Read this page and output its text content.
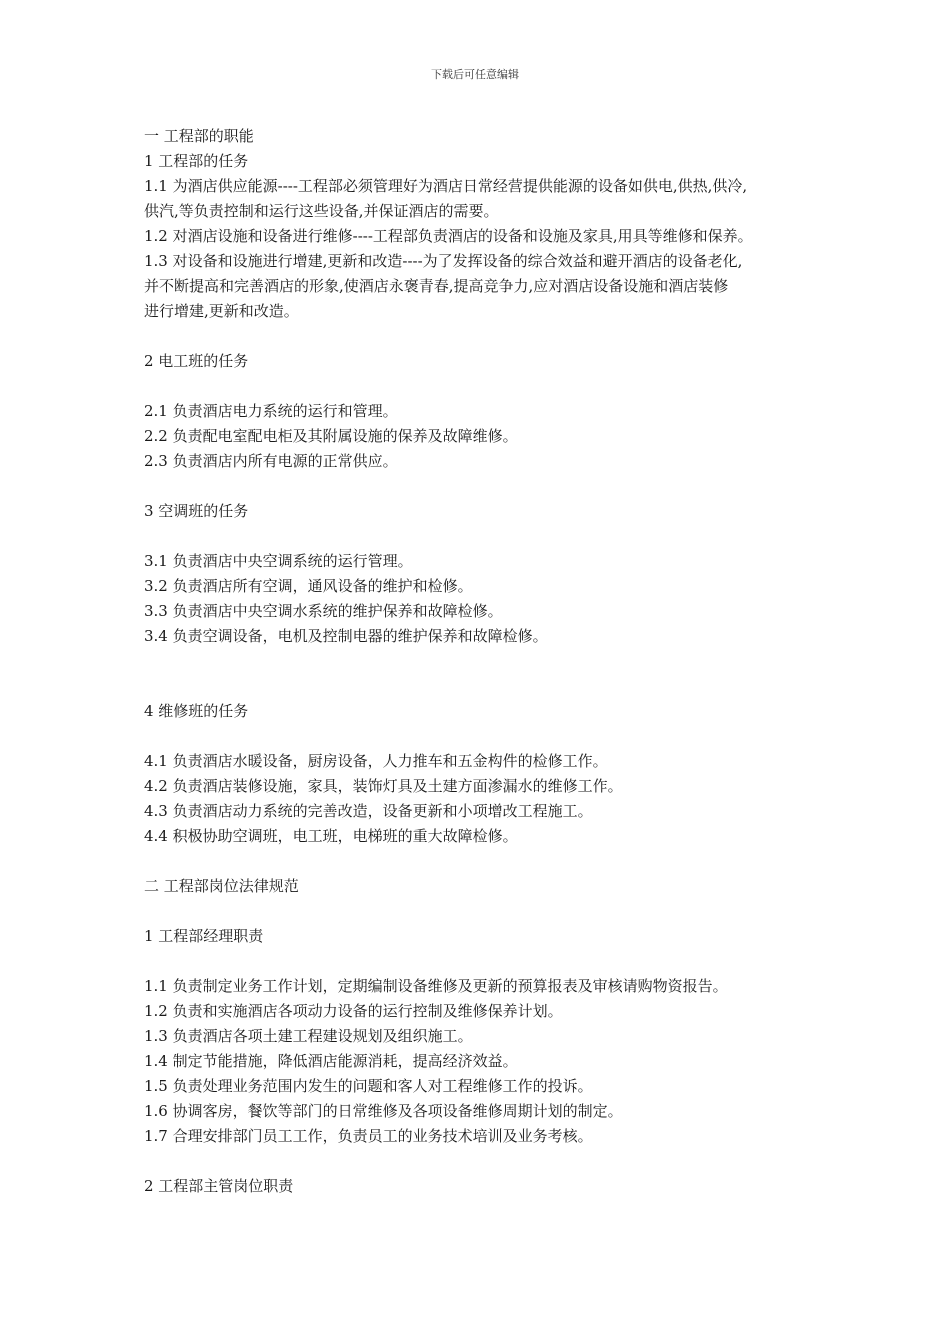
下载后可任意编辑
一 工程部的职能
1 工程部的任务
1.1 为酒店供应能源----工程部必须管理好为酒店日常经营提供能源的设备如供电,供热,供冷,
供汽,等负责控制和运行这些设备,并保证酒店的需要。
1.2 对酒店设施和设备进行维修----工程部负责酒店的设备和设施及家具,用具等维修和保养。
1.3 对设备和设施进行增建,更新和改造----为了发挥设备的综合效益和避开酒店的设备老化,
并不断提高和完善酒店的形象,使酒店永褒青春,提高竞争力,应对酒店设备设施和酒店装修
进行增建,更新和改造。
2 电工班的任务
2.1 负责酒店电力系统的运行和管理。
2.2 负责配电室配电柜及其附属设施的保养及故障维修。
2.3 负责酒店内所有电源的正常供应。
3 空调班的任务
3.1 负责酒店中央空调系统的运行管理。
3.2 负责酒店所有空调，通风设备的维护和检修。
3.3 负责酒店中央空调水系统的维护保养和故障检修。
3.4 负责空调设备，电机及控制电器的维护保养和故障检修。
4 维修班的任务
4.1 负责酒店水暖设备，厨房设备，人力推车和五金构件的检修工作。
4.2 负责酒店装修设施，家具，装饰灯具及土建方面渗漏水的维修工作。
4.3 负责酒店动力系统的完善改造，设备更新和小项增改工程施工。
4.4 积极协助空调班，电工班，电梯班的重大故障检修。
二 工程部岗位法律规范
1 工程部经理职责
1.1 负责制定业务工作计划，定期编制设备维修及更新的预算报表及审核请购物资报告。
1.2 负责和实施酒店各项动力设备的运行控制及维修保养计划。
1.3 负责酒店各项土建工程建设规划及组织施工。
1.4 制定节能措施，降低酒店能源消耗，提高经济效益。
1.5 负责处理业务范围内发生的问题和客人对工程维修工作的投诉。
1.6 协调客房，餐饮等部门的日常维修及各项设备维修周期计划的制定。
1.7 合理安排部门员工工作，负责员工的业务技术培训及业务考核。
2 工程部主管岗位职责
